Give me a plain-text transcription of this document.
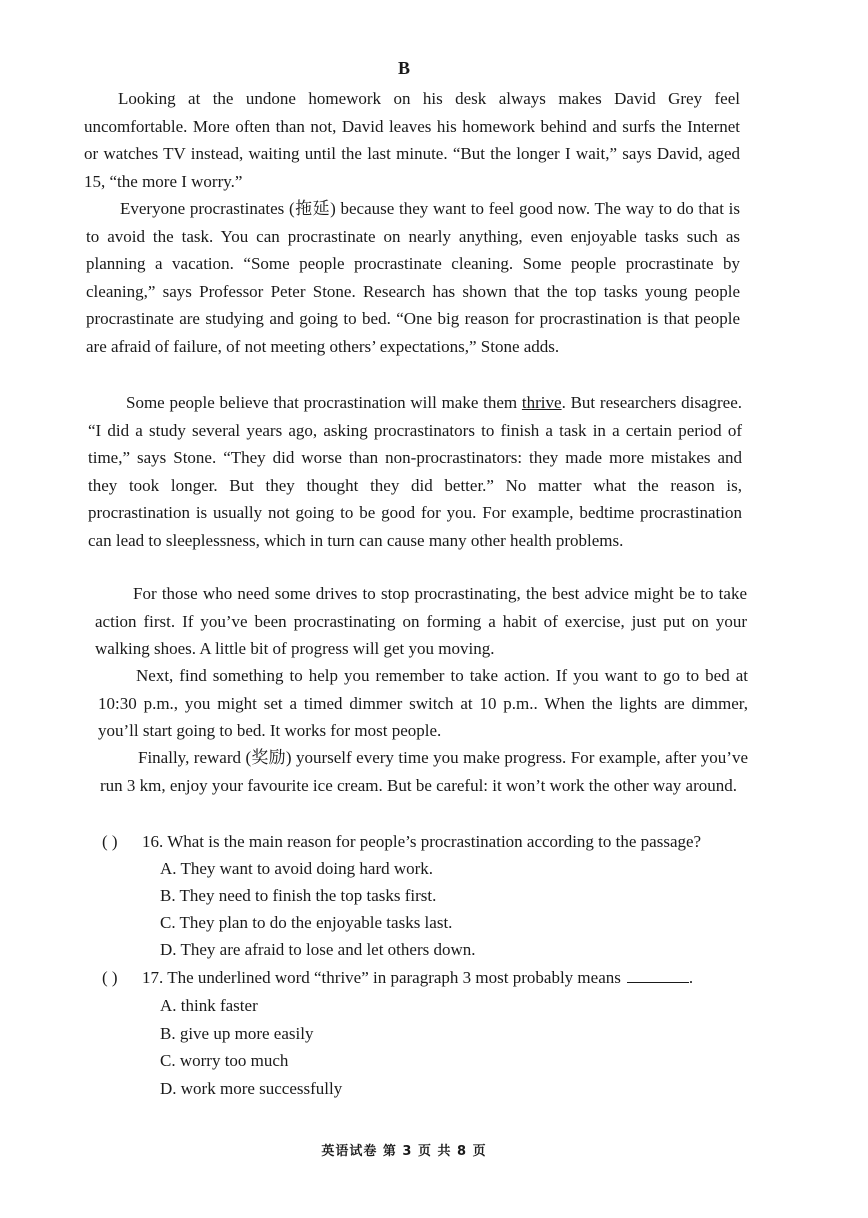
B

Looking at the undone homework on his desk always makes David Grey feel uncomfortable. More often than not, David leaves his homework behind and surfs the Internet or watches TV instead, waiting until the last minute. “But the longer I wait,” says David, aged 15, “the more I worry.”

Everyone procrastinates (拖延) because they want to feel good now. The way to do that is to avoid the task. You can procrastinate on nearly anything, even enjoyable tasks such as planning a vacation. “Some people procrastinate cleaning. Some people procrastinate by cleaning,” says Professor Peter Stone. Research has shown that the top tasks young people procrastinate are studying and going to bed. “One big reason for procrastination is that people are afraid of failure, of not meeting others’ expectations,” Stone adds.

Some people believe that procrastination will make them thrive. But researchers disagree. “I did a study several years ago, asking procrastinators to finish a task in a certain period of time,” says Stone. “They did worse than non-procrastinators: they made more mistakes and they took longer. But they thought they did better.” No matter what the reason is, procrastination is usually not going to be good for you. For example, bedtime procrastination can lead to sleeplessness, which in turn can cause many other health problems.

For those who need some drives to stop procrastinating, the best advice might be to take action first. If you’ve been procrastinating on forming a habit of exercise, just put on your walking shoes. A little bit of progress will get you moving.

Next, find something to help you remember to take action. If you want to go to bed at 10:30 p.m., you might set a timed dimmer switch at 10 p.m.. When the lights are dimmer, you’ll start going to bed. It works for most people.

Finally, reward (奖励) yourself every time you make progress. For example, after you’ve run 3 km, enjoy your favourite ice cream. But be careful: it won’t work the other way around.

( ) 16. What is the main reason for people’s procrastination according to the passage?
A. They want to avoid doing hard work.
B. They need to finish the top tasks first.
C. They plan to do the enjoyable tasks last.
D. They are afraid to lose and let others down.
( ) 17. The underlined word “thrive” in paragraph 3 most probably means	.
A. think faster
B. give up more easily
C. worry too much
D. work more successfully
英语试卷 第 3 页 共 8 页
